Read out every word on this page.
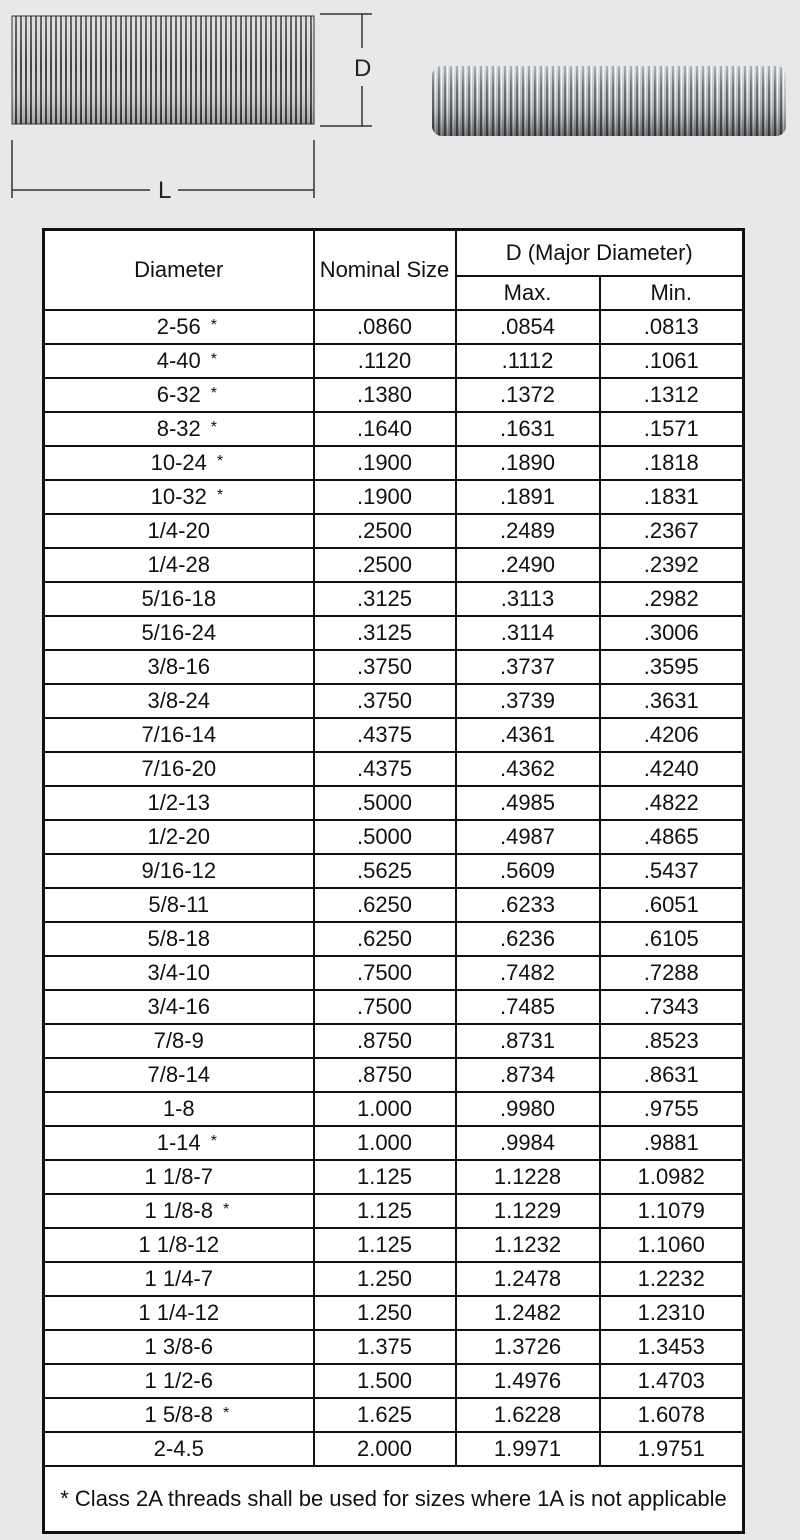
D
L
Diameter	Nominal Size	D (Major Diameter)	
		Max.	Min.
2-56 *	.0860	.0854	.0813
4-40 *	.1120	.1112	.1061
6-32 *	.1380	.1372	.1312
8-32 *	.1640	.1631	.1571
10-24 *	.1900	.1890	.1818
10-32 *	.1900	.1891	.1831
1/4-20	.2500	.2489	.2367
1/4-28	.2500	.2490	.2392
5/16-18	.3125	.3113	.2982
5/16-24	.3125	.3114	.3006
3/8-16	.3750	.3737	.3595
3/8-24	.3750	.3739	.3631
7/16-14	.4375	.4361	.4206
7/16-20	.4375	.4362	.4240
1/2-13	.5000	.4985	.4822
1/2-20	.5000	.4987	.4865
9/16-12	.5625	.5609	.5437
5/8-11	.6250	.6233	.6051
5/8-18	.6250	.6236	.6105
3/4-10	.7500	.7482	.7288
3/4-16	.7500	.7485	.7343
7/8-9	.8750	.8731	.8523
7/8-14	.8750	.8734	.8631
1-8	1.000	.9980	.9755
1-14 *	1.000	.9984	.9881
1 1/8-7	1.125	1.1228	1.0982
1 1/8-8 *	1.125	1.1229	1.1079
1 1/8-12	1.125	1.1232	1.1060
1 1/4-7	1.250	1.2478	1.2232
1 1/4-12	1.250	1.2482	1.2310
1 3/8-6	1.375	1.3726	1.3453
1 1/2-6	1.500	1.4976	1.4703
1 5/8-8 *	1.625	1.6228	1.6078
2-4.5	2.000	1.9971	1.9751
* Class 2A threads shall be used for sizes where 1A is not applicable			
